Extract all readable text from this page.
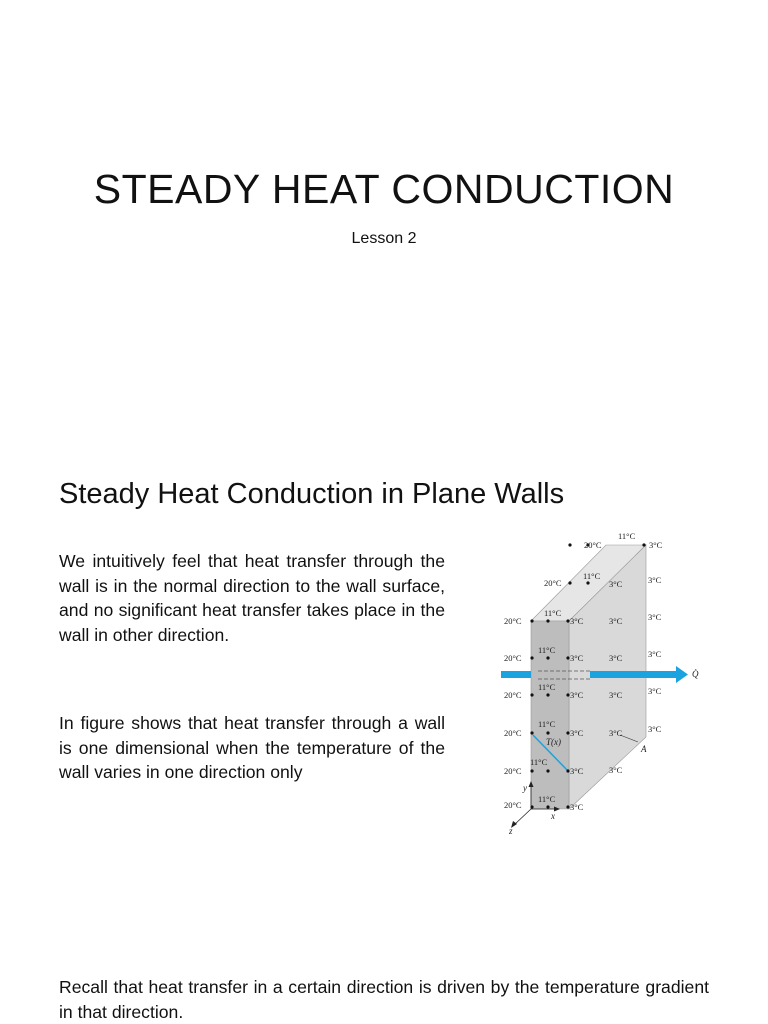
STEADY HEAT CONDUCTION
Lesson 2
Steady Heat Conduction in Plane Walls

We intuitively feel that heat transfer through the wall is in the normal direction to the wall surface, and no significant heat transfer takes place in the wall in other direction.

In figure shows that heat transfer through a wall is one dimensional when the temperature of the wall varies in one direction only

Recall that heat transfer in a certain direction is driven by the temperature gradient in that direction.

20°C
11°C
3°C
20°C
11°C
3°C	3°C
20°C
11°C
3°C	3°C	3°C
20°C
11°C
3°C	3°C	3°C
Q̇
20°C
11°C
3°C	3°C	3°C
20°C
11°C
3°C	3°C	3°C
T(x)
A
20°C
11°C
3°C	3°C
20°C
11°C
3°C
y
x
z
